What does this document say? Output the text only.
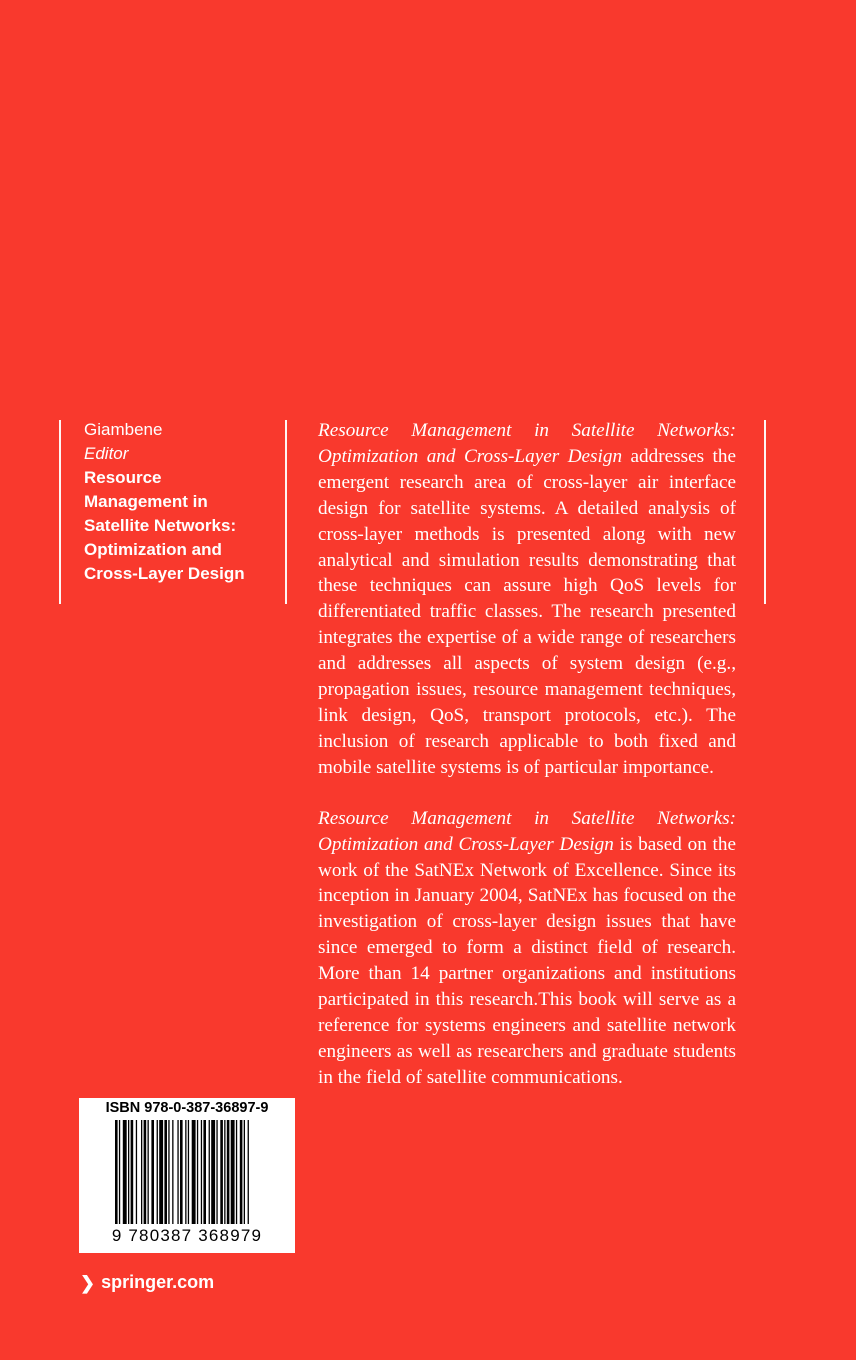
Giambene
Editor
Resource
Management in
Satellite Networks:
Optimization and
Cross-Layer Design

Resource Management in Satellite Networks: Optimization and Cross-Layer Design addresses the emergent research area of cross-layer air interface design for satellite systems. A detailed analysis of cross-layer methods is presented along with new analytical and simulation results demonstrating that these techniques can assure high QoS levels for differentiated traffic classes. The research presented integrates the expertise of a wide range of researchers and addresses all aspects of system design (e.g., propagation issues, resource management techniques, link design, QoS, transport protocols, etc.). The inclusion of research applicable to both fixed and mobile satellite systems is of particular importance.

Resource Management in Satellite Networks: Optimization and Cross-Layer Design is based on the work of the SatNEx Network of Excellence. Since its inception in January 2004, SatNEx has focused on the investigation of cross-layer design issues that have since emerged to form a distinct field of research. More than 14 partner organizations and institutions participated in this research.This book will serve as a reference for systems engineers and satellite network engineers as well as researchers and graduate students in the field of satellite communications.

ISBN 978-0-387-36897-9
9 780387 368979
❯ springer.com
